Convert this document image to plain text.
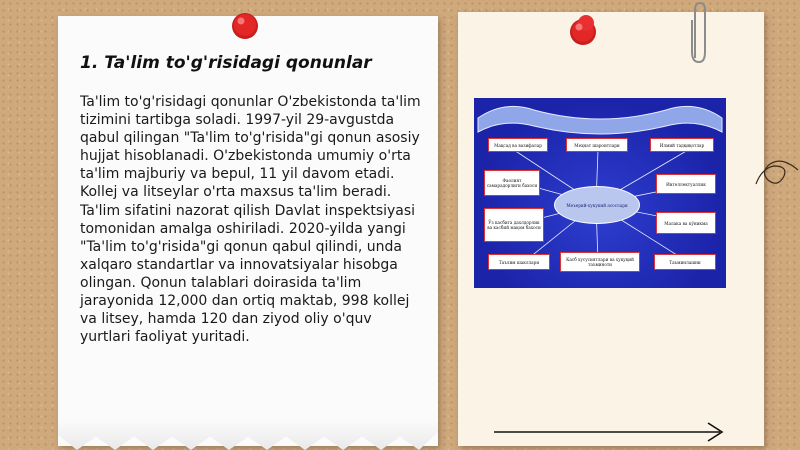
1. Ta'lim to'g'risidagi qonunlar

Ta'lim to'g'risidagi qonunlar O'zbekistonda ta'lim tizimini tartibga soladi. 1997-yil 29-avgustda qabul qilingan "Ta'lim to'g'risida"gi qonun asosiy hujjat hisoblanadi. O'zbekistonda umumiy o'rta ta'lim majburiy va bepul, 11 yil davom etadi. Kollej va litseylar o'rta maxsus ta'lim beradi. Ta'lim sifatini nazorat qilish Davlat inspektsiyasi tomonidan amalga oshiriladi. 2020-yilda yangi "Ta'lim to'g'risida"gi qonun qabul qilindi, unda xalqaro standartlar va innovatsiyalar hisobga olingan. Qonun talablari doirasida ta'lim jarayonida 12,000 dan ortiq maktab, 998 kollej va litsey, hamda 120 dan ziyod oliy o'quv yurtlari faoliyat yuritadi.

Мақсад ва вазифалар	Меҳнат шароитлари	Илмий тадқиқотлар
Фаолият самарадорлиги бахоси	Интеллектуаллик
Ўз касбига дахлдорлик ва касбий мақом бахоси
Малака ва кўникма
Таълим шакллари	Касб хусусиятлари ва ҳуқуқий таъминоти	Таъминлашни
Меъерий-хукукий асослари
